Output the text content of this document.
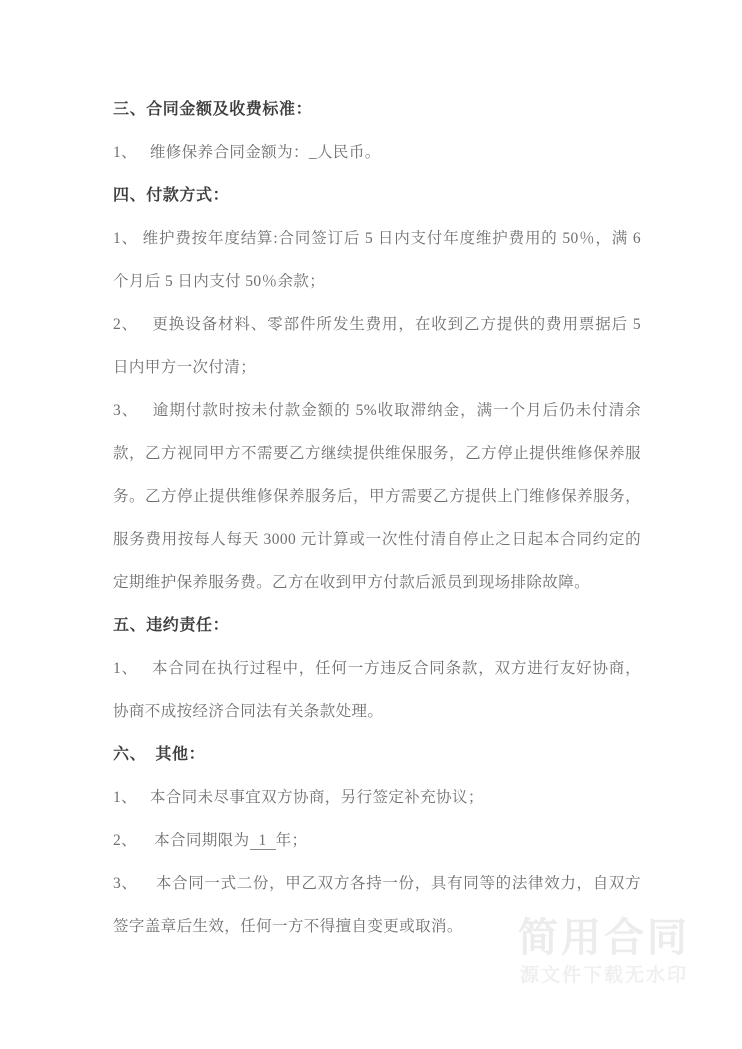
三、合同金额及收费标准：
1、   维修保养合同金额为：_人民币。
四、付款方式：
1、 维护费按年度结算:合同签订后 5 日内支付年度维护费用的 50％，满 6 个月后 5 日内支付 50％余款；
2、   更换设备材料、零部件所发生费用，在收到乙方提供的费用票据后 5 日内甲方一次付清；
3、   逾期付款时按未付款金额的 5%收取滞纳金，满一个月后仍未付清余款，乙方视同甲方不需要乙方继续提供维保服务，乙方停止提供维修保养服务。乙方停止提供维修保养服务后，甲方需要乙方提供上门维修保养服务，服务费用按每人每天 3000 元计算或一次性付清自停止之日起本合同约定的定期维护保养服务费。乙方在收到甲方付款后派员到现场排除故障。
五、违约责任：
1、   本合同在执行过程中，任何一方违反合同条款，双方进行友好协商，协商不成按经济合同法有关条款处理。
六、  其他：
1、   本合同未尽事宜双方协商，另行签定补充协议；
2、    本合同期限为 1 年；
3、    本合同一式二份，甲乙双方各持一份，具有同等的法律效力，自双方签字盖章后生效，任何一方不得擅自变更或取消。	简用合同
源文件下载无水印
